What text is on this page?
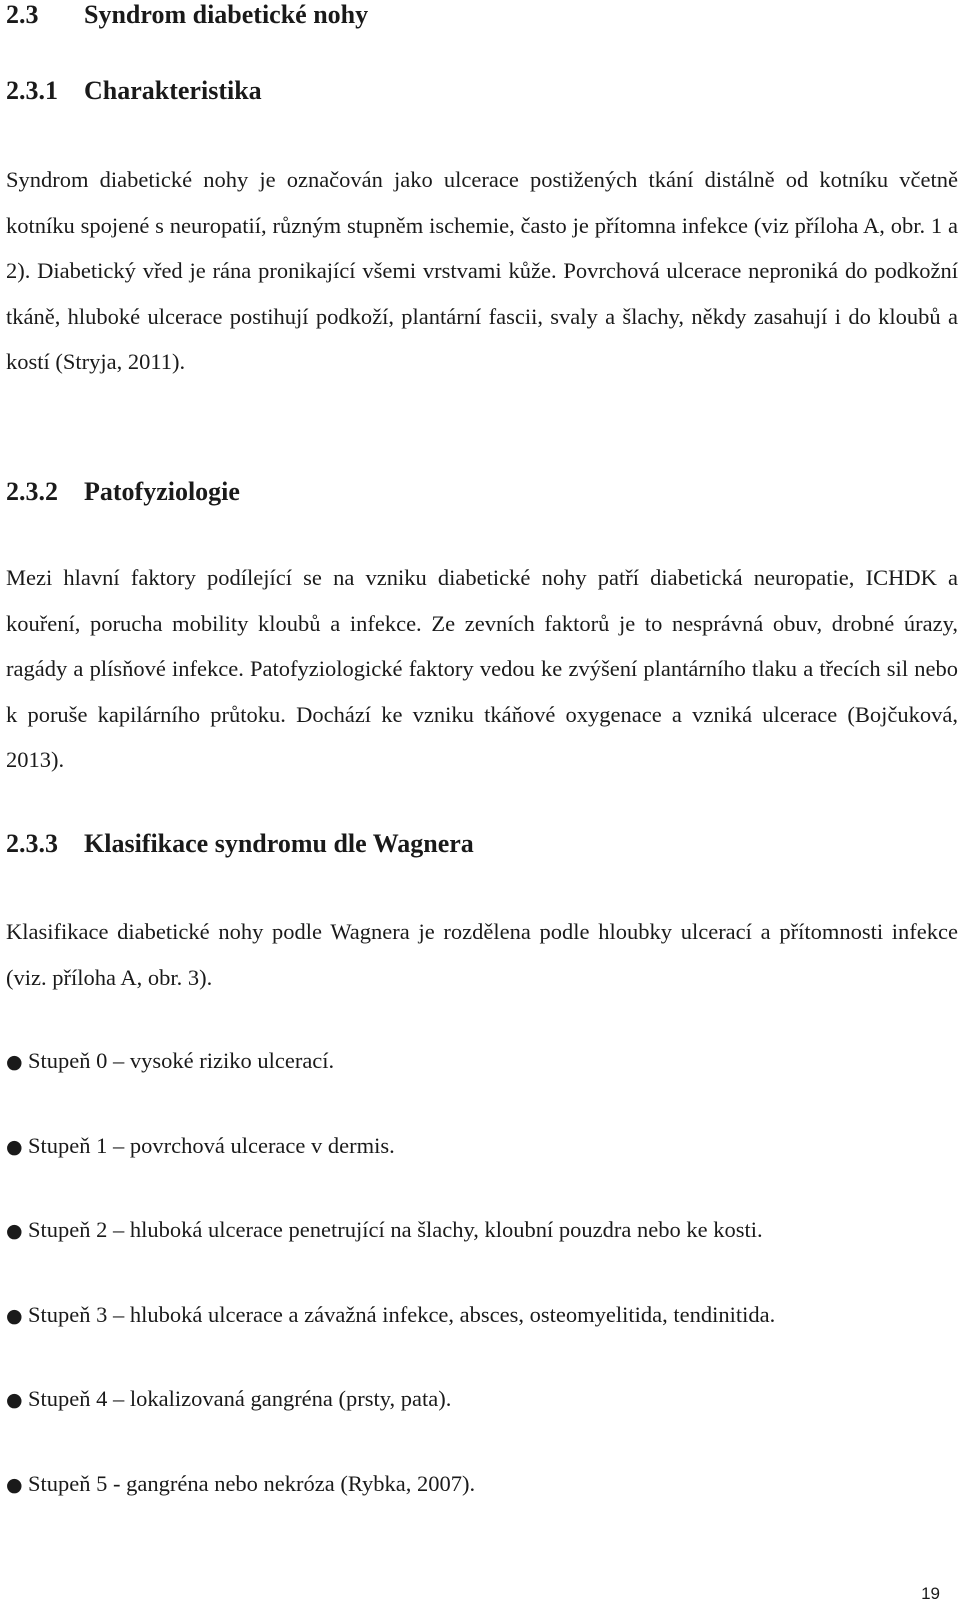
2.3 Syndrom diabetické nohy
2.3.1 Charakteristika

Syndrom diabetické nohy je označován jako ulcerace postižených tkání distálně od kotníku včetně kotníku spojené s neuropatií, různým stupněm ischemie, často je přítomna infekce (viz příloha A, obr. 1 a 2). Diabetický vřed je rána pronikající všemi vrstvami kůže. Povrchová ulcerace neproniká do podkožní tkáně, hluboké ulcerace postihují podkoží, plantární fascii, svaly a šlachy, někdy zasahují i do kloubů a kostí (Stryja, 2011).

2.3.2 Patofyziologie

Mezi hlavní faktory podílející se na vzniku diabetické nohy patří diabetická neuropatie, ICHDK a kouření, porucha mobility kloubů a infekce. Ze zevních faktorů je to nesprávná obuv, drobné úrazy, ragády a plísňové infekce. Patofyziologické faktory vedou ke zvýšení plantárního tlaku a třecích sil nebo k poruše kapilárního průtoku. Dochází ke vzniku tkáňové oxygenace a vzniká ulcerace (Bojčuková, 2013).

2.3.3 Klasifikace syndromu dle Wagnera

Klasifikace diabetické nohy podle Wagnera je rozdělena podle hloubky ulcerací a přítomnosti infekce (viz. příloha A, obr. 3).

● Stupeň 0 – vysoké riziko ulcerací.
● Stupeň 1 – povrchová ulcerace v dermis.
● Stupeň 2 – hluboká ulcerace penetrující na šlachy, kloubní pouzdra nebo ke kosti.
● Stupeň 3 – hluboká ulcerace a závažná infekce, absces, osteomyelitida, tendinitida.
● Stupeň 4 – lokalizovaná gangréna (prsty, pata).
● Stupeň 5 - gangréna nebo nekróza (Rybka, 2007).
19
